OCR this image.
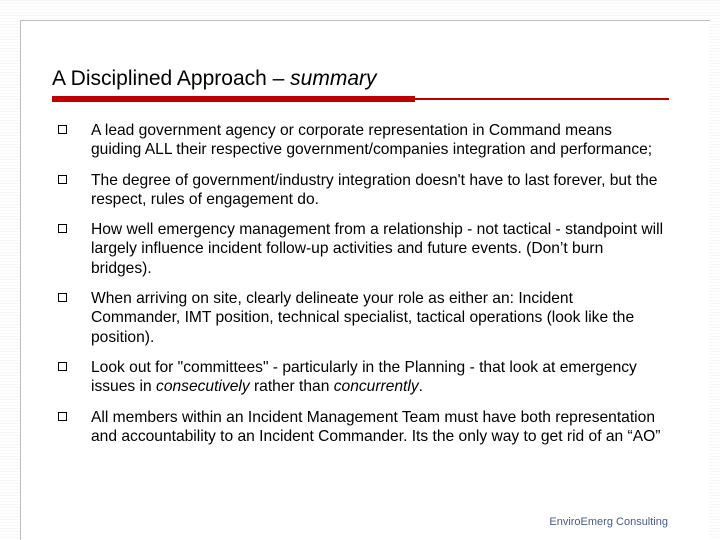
A Disciplined Approach – summary
A lead government agency or corporate representation in Command means guiding ALL their respective government/companies integration and performance;
The degree of government/industry integration doesn't have to last forever, but the respect, rules of engagement do.
How well emergency management from a relationship - not tactical - standpoint will largely influence incident follow-up activities and future events. (Don’t burn bridges).
When arriving on site, clearly delineate your role as either an: Incident Commander, IMT position, technical specialist, tactical operations (look like the position).
Look out for "committees" - particularly in the Planning - that look at emergency issues in consecutively rather than concurrently.
All members within an Incident Management Team must have both representation and accountability to an Incident Commander. Its the only way to get rid of an “AO”
EnviroEmerg Consulting
